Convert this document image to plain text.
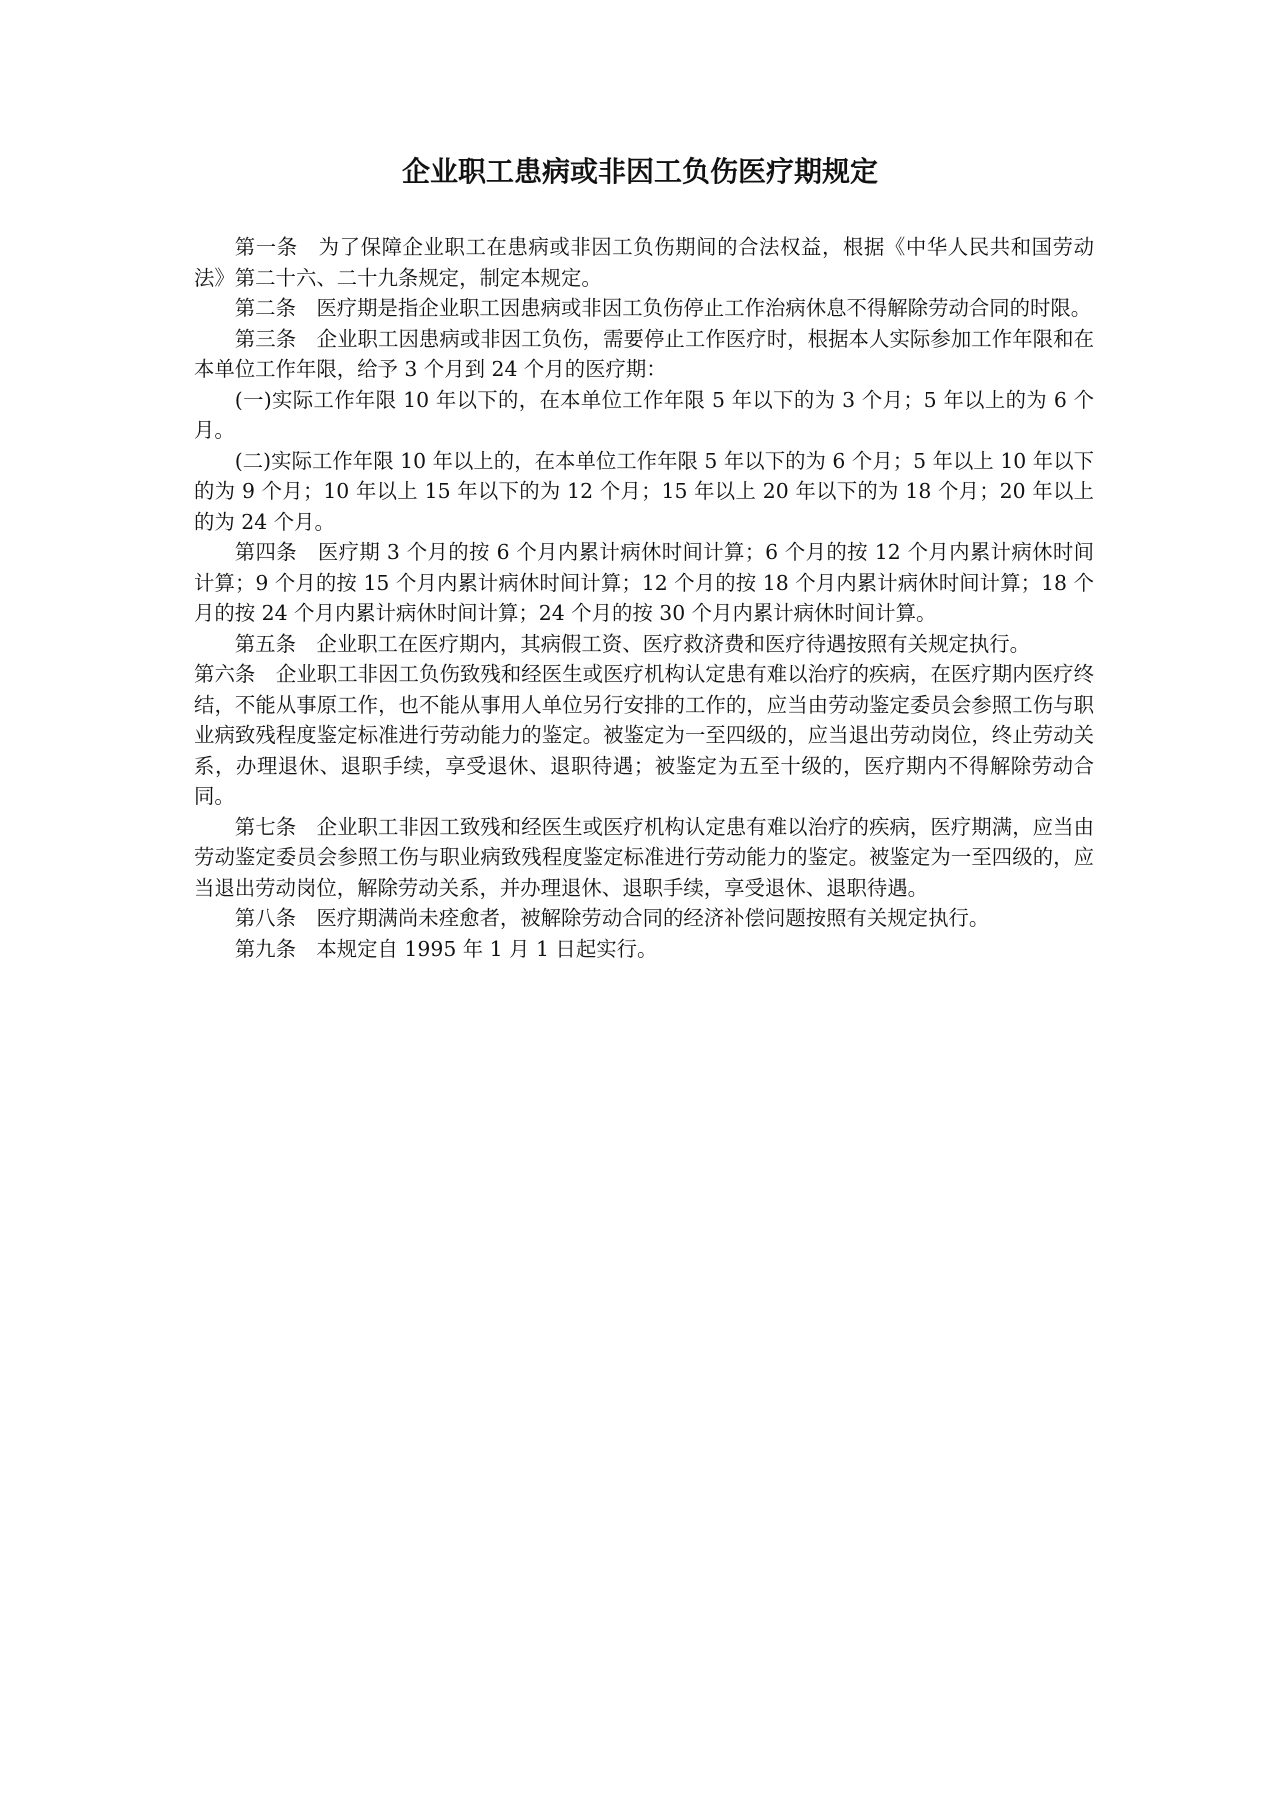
企业职工患病或非因工负伤医疗期规定

第一条　为了保障企业职工在患病或非因工负伤期间的合法权益，根据《中华人民共和国劳动法》第二十六、二十九条规定，制定本规定。

第二条　医疗期是指企业职工因患病或非因工负伤停止工作治病休息不得解除劳动合同的时限。

第三条　企业职工因患病或非因工负伤，需要停止工作医疗时，根据本人实际参加工作年限和在本单位工作年限，给予 3 个月到 24 个月的医疗期：

(一)实际工作年限 10 年以下的，在本单位工作年限 5 年以下的为 3 个月；5 年以上的为 6 个月。

(二)实际工作年限 10 年以上的，在本单位工作年限 5 年以下的为 6 个月；5 年以上 10 年以下的为 9 个月；10 年以上 15 年以下的为 12 个月；15 年以上 20 年以下的为 18 个月；20 年以上的为 24 个月。

第四条　医疗期 3 个月的按 6 个月内累计病休时间计算；6 个月的按 12 个月内累计病休时间计算；9 个月的按 15 个月内累计病休时间计算；12 个月的按 18 个月内累计病休时间计算；18 个月的按 24 个月内累计病休时间计算；24 个月的按 30 个月内累计病休时间计算。

第五条　企业职工在医疗期内，其病假工资、医疗救济费和医疗待遇按照有关规定执行。

第六条　企业职工非因工负伤致残和经医生或医疗机构认定患有难以治疗的疾病，在医疗期内医疗终结，不能从事原工作，也不能从事用人单位另行安排的工作的，应当由劳动鉴定委员会参照工伤与职业病致残程度鉴定标准进行劳动能力的鉴定。被鉴定为一至四级的，应当退出劳动岗位，终止劳动关系，办理退休、退职手续，享受退休、退职待遇；被鉴定为五至十级的，医疗期内不得解除劳动合同。

第七条　企业职工非因工致残和经医生或医疗机构认定患有难以治疗的疾病，医疗期满，应当由劳动鉴定委员会参照工伤与职业病致残程度鉴定标准进行劳动能力的鉴定。被鉴定为一至四级的，应当退出劳动岗位，解除劳动关系，并办理退休、退职手续，享受退休、退职待遇。

第八条　医疗期满尚未痊愈者，被解除劳动合同的经济补偿问题按照有关规定执行。

第九条　本规定自 1995 年 1 月 1 日起实行。
